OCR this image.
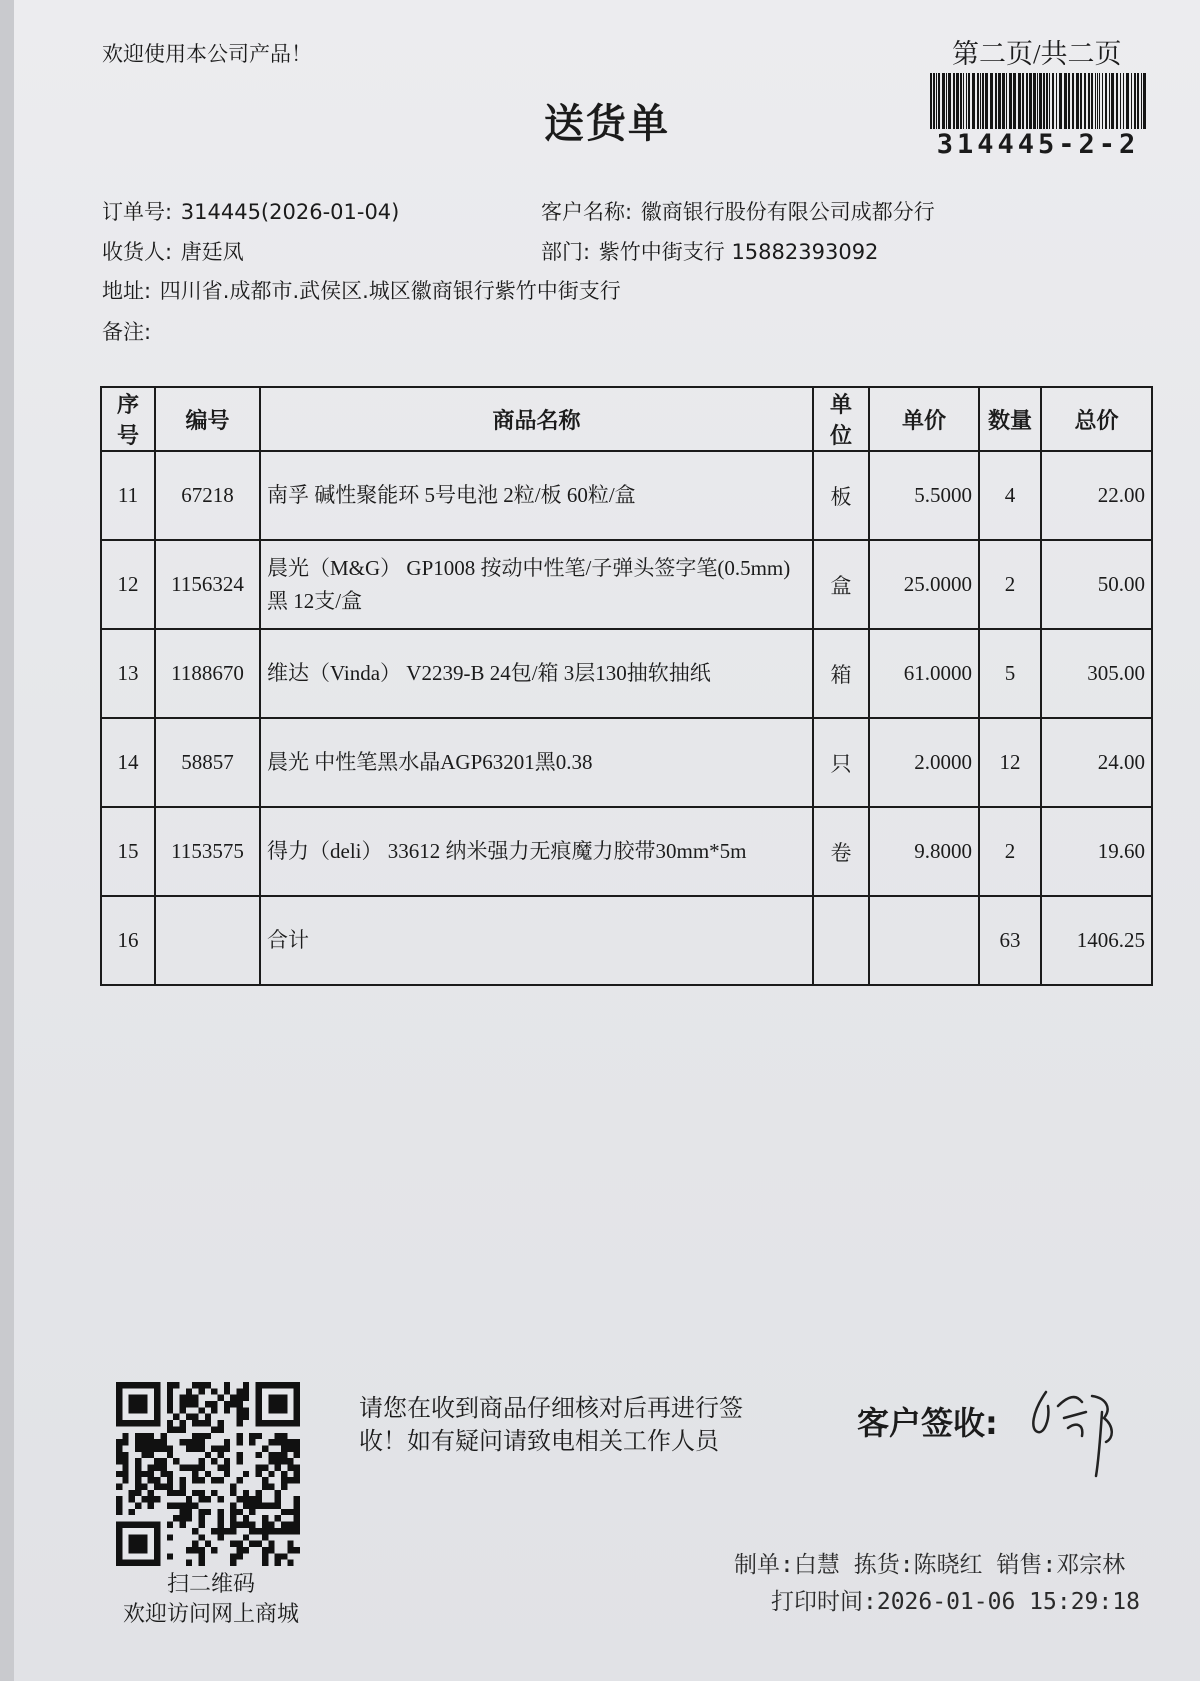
欢迎使用本公司产品！	第二页/共二页
314445-2-2
送货单
订单号: 314445(2026-01-04)	客户名称: 徽商银行股份有限公司成都分行
收货人: 唐廷凤	部门: 紫竹中街支行 15882393092
地址: 四川省.成都市.武侯区.城区徽商银行紫竹中街支行
备注:
序号	编号	商品名称	单位	单价	数量	总价
11	67218	南孚 碱性聚能环 5号电池 2粒/板 60粒/盒	板	5.5000	4	22.00
12	1156324	晨光（M&G） GP1008 按动中性笔/子弹头签字笔(0.5mm)黑 12支/盒	盒	25.0000	2	50.00
13	1188670	维达（Vinda） V2239-B 24包/箱 3层130抽软抽纸	箱	61.0000	5	305.00
14	58857	晨光 中性笔黑水晶AGP63201黑0.38	只	2.0000	12	24.00
15	1153575	得力（deli） 33612 纳米强力无痕魔力胶带30mm*5m	卷	9.8000	2	19.60
16		合计			63	1406.25
扫二维码
欢迎访问网上商城
请您在收到商品仔细核对后再进行签
收！如有疑问请致电相关工作人员	客户签收:
制单:白慧 拣货:陈晓红 销售:邓宗林
打印时间:2026-01-06 15:29:18
